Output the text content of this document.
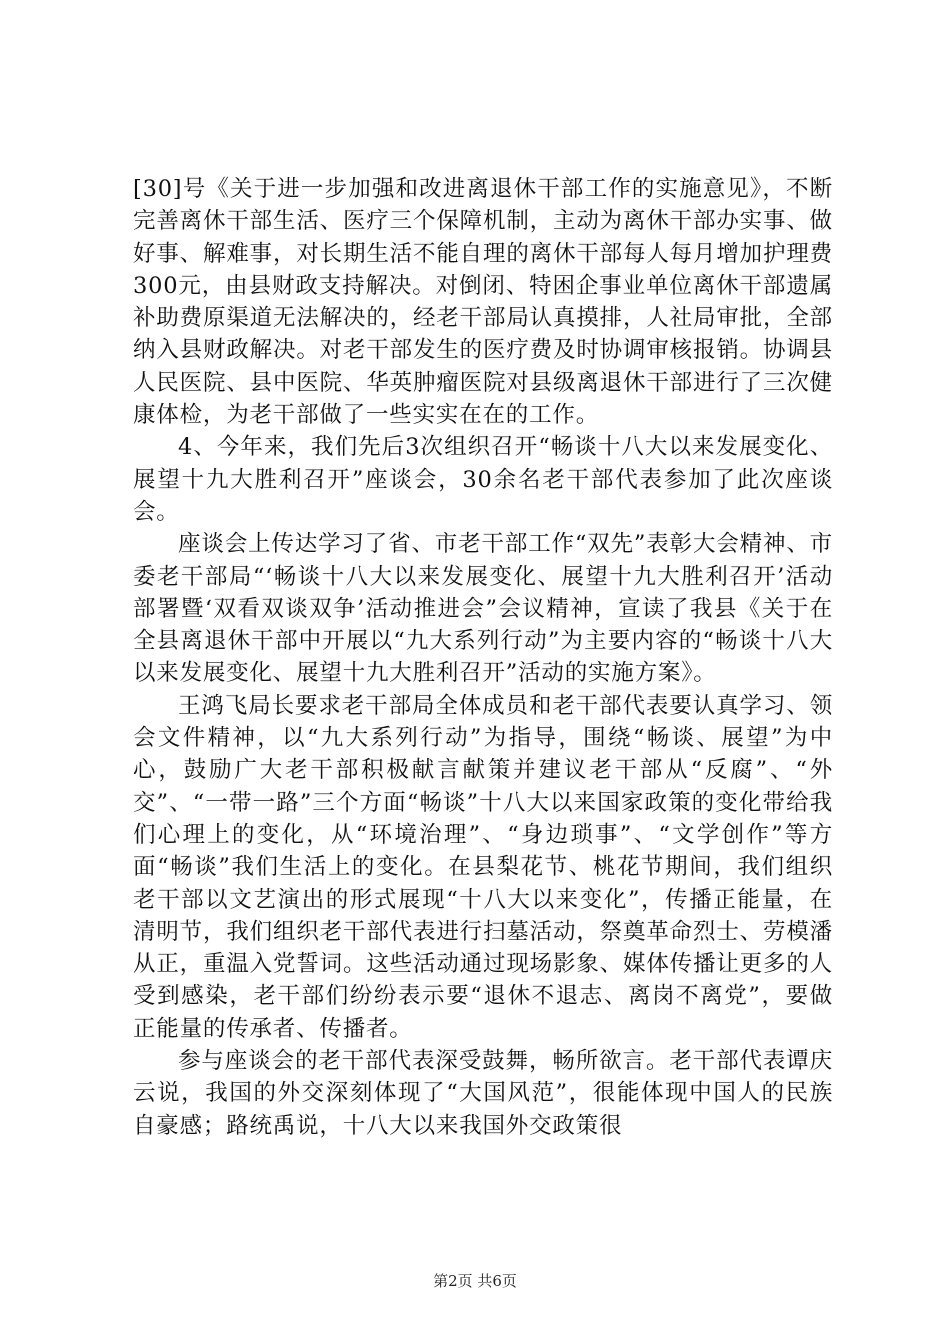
[30]号《关于进一步加强和改进离退休干部工作的实施意见》，不断完善离休干部生活、医疗三个保障机制，主动为离休干部办实事、做好事、解难事，对长期生活不能自理的离休干部每人每月增加护理费300元，由县财政支持解决。对倒闭、特困企事业单位离休干部遗属补助费原渠道无法解决的，经老干部局认真摸排，人社局审批，全部纳入县财政解决。对老干部发生的医疗费及时协调审核报销。协调县人民医院、县中医院、华英肿瘤医院对县级离退休干部进行了三次健康体检，为老干部做了一些实实在在的工作。

4、今年来，我们先后3次组织召开“畅谈十八大以来发展变化、展望十九大胜利召开”座谈会，30余名老干部代表参加了此次座谈会。

座谈会上传达学习了省、市老干部工作“双先”表彰大会精神、市委老干部局“‘畅谈十八大以来发展变化、展望十九大胜利召开’活动部署暨‘双看双谈双争’活动推进会”会议精神，宣读了我县《关于在全县离退休干部中开展以“九大系列行动”为主要内容的“畅谈十八大以来发展变化、展望十九大胜利召开”活动的实施方案》。

王鸿飞局长要求老干部局全体成员和老干部代表要认真学习、领会文件精神，以“九大系列行动”为指导，围绕“畅谈、展望”为中心，鼓励广大老干部积极献言献策并建议老干部从“反腐”、“外交”、“一带一路”三个方面“畅谈”十八大以来国家政策的变化带给我们心理上的变化，从“环境治理”、“身边琐事”、“文学创作”等方面“畅谈”我们生活上的变化。在县梨花节、桃花节期间，我们组织老干部以文艺演出的形式展现“十八大以来变化”，传播正能量，在清明节，我们组织老干部代表进行扫墓活动，祭奠革命烈士、劳模潘从正，重温入党誓词。这些活动通过现场影象、媒体传播让更多的人受到感染，老干部们纷纷表示要“退休不退志、离岗不离党”，要做正能量的传承者、传播者。

参与座谈会的老干部代表深受鼓舞，畅所欲言。老干部代表谭庆云说，我国的外交深刻体现了“大国风范”，很能体现中国人的民族自豪感；路统禹说，十八大以来我国外交政策很

第2页 共6页
